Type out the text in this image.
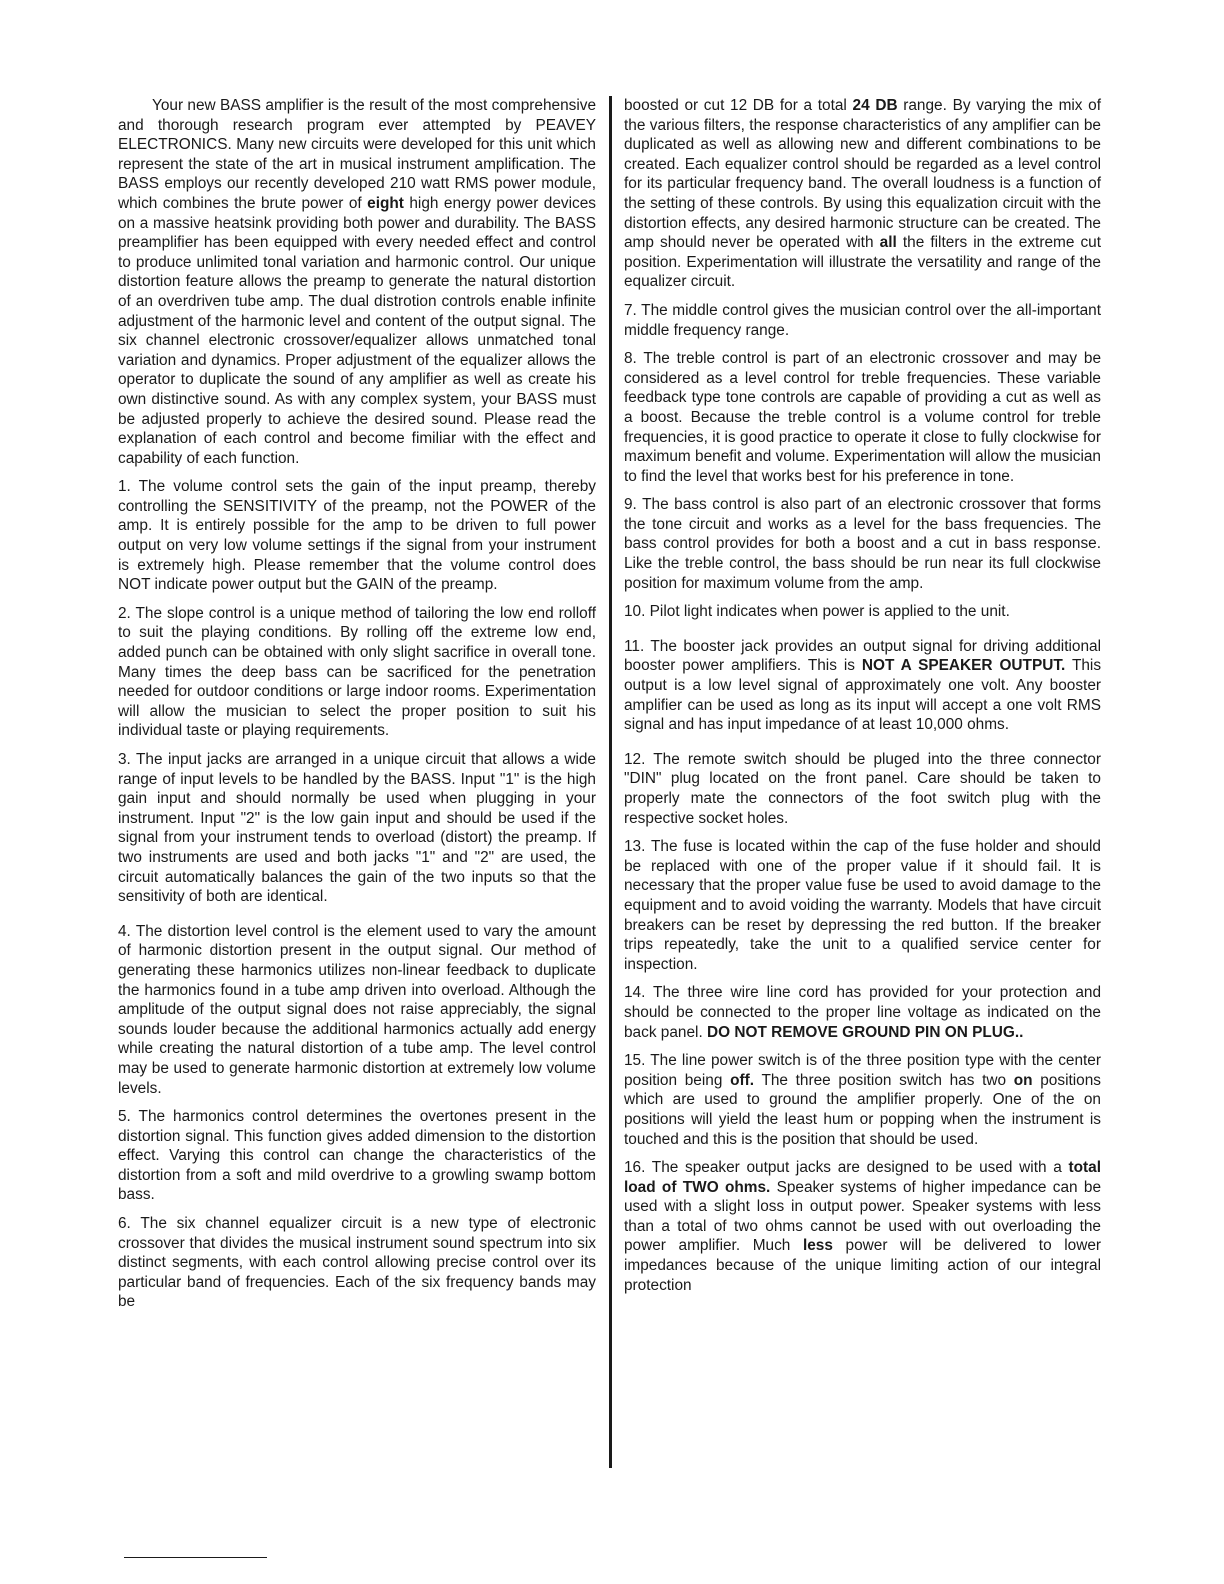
Your new BASS amplifier is the result of the most comprehensive and thorough research program ever attempted by PEAVEY ELECTRONICS. Many new circuits were developed for this unit which represent the state of the art in musical instrument amplification. The BASS employs our recently developed 210 watt RMS power module, which combines the brute power of eight high energy power devices on a massive heatsink providing both power and durability. The BASS preamplifier has been equipped with every needed effect and control to produce unlimited tonal variation and harmonic control. Our unique distortion feature allows the preamp to generate the natural distortion of an overdriven tube amp. The dual distrotion controls enable infinite adjustment of the harmonic level and content of the output signal. The six channel electronic crossover/equalizer allows unmatched tonal variation and dynamics. Proper adjustment of the equalizer allows the operator to duplicate the sound of any amplifier as well as create his own distinctive sound. As with any complex system, your BASS must be adjusted properly to achieve the desired sound. Please read the explanation of each control and become fimiliar with the effect and capability of each function.

1. The volume control sets the gain of the input preamp, thereby controlling the SENSITIVITY of the preamp, not the POWER of the amp. It is entirely possible for the amp to be driven to full power output on very low volume settings if the signal from your instrument is extremely high. Please remember that the volume control does NOT indicate power output but the GAIN of the preamp.

2. The slope control is a unique method of tailoring the low end rolloff to suit the playing conditions. By rolling off the extreme low end, added punch can be obtained with only slight sacrifice in overall tone. Many times the deep bass can be sacrificed for the penetration needed for outdoor conditions or large indoor rooms. Experimentation will allow the musician to select the proper position to suit his individual taste or playing requirements.

3. The input jacks are arranged in a unique circuit that allows a wide range of input levels to be handled by the BASS. Input "1" is the high gain input and should normally be used when plugging in your instrument. Input "2" is the low gain input and should be used if the signal from your instrument tends to overload (distort) the preamp. If two instruments are used and both jacks "1" and "2" are used, the circuit automatically balances the gain of the two inputs so that the sensitivity of both are identical.

4. The distortion level control is the element used to vary the amount of harmonic distortion present in the output signal. Our method of generating these harmonics utilizes non-linear feedback to duplicate the harmonics found in a tube amp driven into overload. Although the amplitude of the output signal does not raise appreciably, the signal sounds louder because the additional harmonics actually add energy while creating the natural distortion of a tube amp. The level control may be used to generate harmonic distortion at extremely low volume levels.

5. The harmonics control determines the overtones present in the distortion signal. This function gives added dimension to the distortion effect. Varying this control can change the characteristics of the distortion from a soft and mild overdrive to a growling swamp bottom bass.

6. The six channel equalizer circuit is a new type of electronic crossover that divides the musical instrument sound spectrum into six distinct segments, with each control allowing precise control over its particular band of frequencies. Each of the six frequency bands may be

boosted or cut 12 DB for a total 24 DB range. By varying the mix of the various filters, the response characteristics of any amplifier can be duplicated as well as allowing new and different combinations to be created. Each equalizer control should be regarded as a level control for its particular frequency band. The overall loudness is a function of the setting of these controls. By using this equalization circuit with the distortion effects, any desired harmonic structure can be created. The amp should never be operated with all the filters in the extreme cut position. Experimentation will illustrate the versatility and range of the equalizer circuit.

7. The middle control gives the musician control over the all-important middle frequency range.

8. The treble control is part of an electronic crossover and may be considered as a level control for treble frequencies. These variable feedback type tone controls are capable of providing a cut as well as a boost. Because the treble control is a volume control for treble frequencies, it is good practice to operate it close to fully clockwise for maximum benefit and volume. Experimentation will allow the musician to find the level that works best for his preference in tone.

9. The bass control is also part of an electronic crossover that forms the tone circuit and works as a level for the bass frequencies. The bass control provides for both a boost and a cut in bass response. Like the treble control, the bass should be run near its full clockwise position for maximum volume from the amp.

10. Pilot light indicates when power is applied to the unit.

11. The booster jack provides an output signal for driving additional booster power amplifiers. This is NOT A SPEAKER OUTPUT. This output is a low level signal of approximately one volt. Any booster amplifier can be used as long as its input will accept a one volt RMS signal and has input impedance of at least 10,000 ohms.

12. The remote switch should be pluged into the three connector "DIN" plug located on the front panel. Care should be taken to properly mate the connectors of the foot switch plug with the respective socket holes.

13. The fuse is located within the cap of the fuse holder and should be replaced with one of the proper value if it should fail. It is necessary that the proper value fuse be used to avoid damage to the equipment and to avoid voiding the warranty. Models that have circuit breakers can be reset by depressing the red button. If the breaker trips repeatedly, take the unit to a qualified service center for inspection.

14. The three wire line cord has provided for your protection and should be connected to the proper line voltage as indicated on the back panel. DO NOT REMOVE GROUND PIN ON PLUG..

15. The line power switch is of the three position type with the center position being off. The three position switch has two on positions which are used to ground the amplifier properly. One of the on positions will yield the least hum or popping when the instrument is touched and this is the position that should be used.

16. The speaker output jacks are designed to be used with a total load of TWO ohms. Speaker systems of higher impedance can be used with a slight loss in output power. Speaker systems with less than a total of two ohms cannot be used with out overloading the power amplifier. Much less power will be delivered to lower impedances because of the unique limiting action of our integral protection
